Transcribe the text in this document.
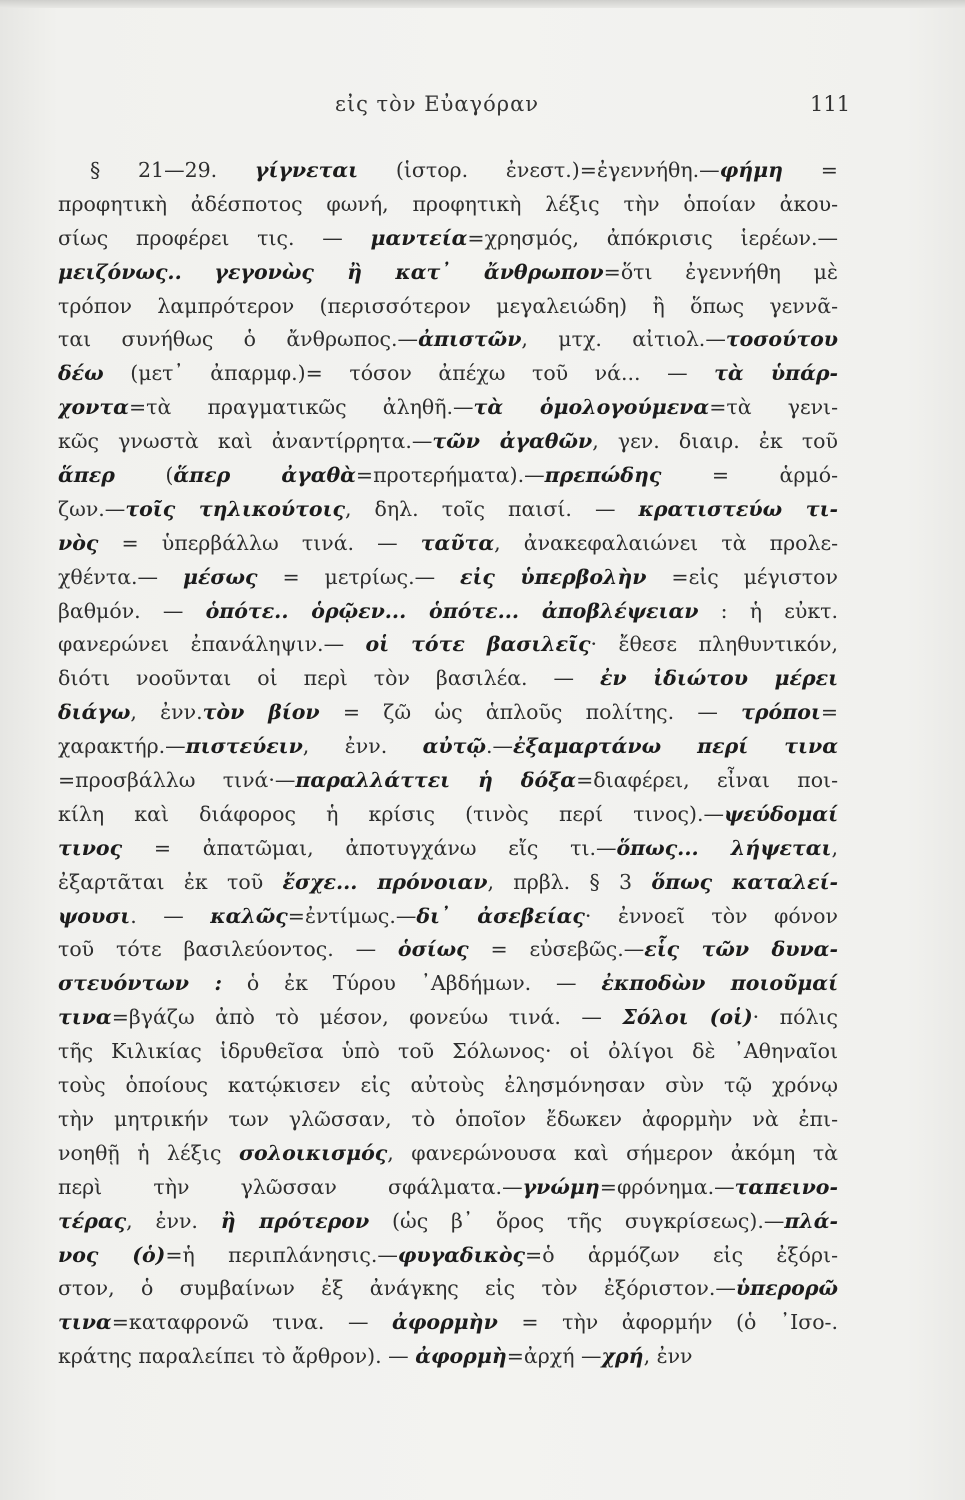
εἰς τὸν Εὐαγόραν	111
§ 21—29. γίγνεται (ἱστορ. ἐνεστ.)=ἐγεννήθη.—φήμη =
προφητικὴ ἀδέσποτος φωνή, προφητικὴ λέξις τὴν ὁποίαν ἀκου-
σίως προφέρει τις. — μαντεία=χρησμός, ἀπόκρισις ἱερέων.—
μειζόνως.. γεγονὼς ἢ κατ᾽ ἄνθρωπον=ὅτι ἐγεννήθη μὲ
τρόπον λαμπρότερον (περισσότερον μεγαλειώδη) ἢ ὅπως γεννᾶ-
ται συνήθως ὁ ἄνθρωπος.—ἀπιστῶν, μτχ. αἰτιολ.—τοσούτου
δέω (μετ᾽ ἀπαρμφ.)= τόσον ἀπέχω τοῦ νά... — τὰ ὑπάρ-
χοντα=τὰ πραγματικῶς ἀληθῆ.—τὰ ὁμολογούμενα=τὰ γενι-
κῶς γνωστὰ καὶ ἀναντίρρητα.—τῶν ἀγαθῶν, γεν. διαιρ. ἐκ τοῦ
ἅπερ (ἅπερ ἀγαθὰ=προτερήματα).—πρεπώδης = ἁρμό-
ζων.—τοῖς τηλικούτοις, δηλ. τοῖς παισί. — κρατιστεύω τι-
νὸς = ὑπερβάλλω τινά. — ταῦτα, ἀνακεφαλαιώνει τὰ προλε-
χθέντα.— μέσως = μετρίως.— εἰς ὑπερβολὴν =εἰς μέγιστον
βαθμόν. — ὁπότε.. ὁρῷεν... ὁπότε... ἀποβλέψειαν : ἡ εὐκτ.
φανερώνει ἐπανάληψιν.— οἱ τότε βασιλεῖς· ἔθεσε πληθυντικόν,
διότι νοοῦνται οἱ περὶ τὸν βασιλέα. — ἐν ἰδιώτου μέρει
διάγω, ἐνν.τὸν βίον = ζῶ ὡς ἁπλοῦς πολίτης. — τρόποι=
χαρακτήρ.—πιστεύειν, ἐνν. αὐτῷ.—ἐξαμαρτάνω περί τινα
=προσβάλλω τινά·—παραλλάττει ἡ δόξα=διαφέρει, εἶναι ποι-
κίλη καὶ διάφορος ἡ κρίσις (τινὸς περί τινος).—ψεύδομαί
τινος = ἀπατῶμαι, ἀποτυγχάνω εἴς τι.—ὅπως... λήψεται,
ἐξαρτᾶται ἐκ τοῦ ἔσχε... πρόνοιαν, πρβλ. § 3 ὅπως καταλεί-
ψουσι. — καλῶς=ἐντίμως.—δι᾽ ἀσεβείας· ἐννοεῖ τὸν φόνον
τοῦ τότε βασιλεύοντος. — ὁσίως = εὐσεβῶς.—εἷς τῶν δυνα-
στευόντων : ὁ ἐκ Τύρου ᾿Αβδήμων. — ἐκποδὼν ποιοῦμαί
τινα=βγάζω ἀπὸ τὸ μέσον, φονεύω τινά. — Σόλοι (οἱ)· πόλις
τῆς Κιλικίας ἱδρυθεῖσα ὑπὸ τοῦ Σόλωνος· οἱ ὀλίγοι δὲ ᾿Αθηναῖοι
τοὺς ὁποίους κατῴκισεν εἰς αὐτοὺς ἐλησμόνησαν σὺν τῷ χρόνῳ
τὴν μητρικήν των γλῶσσαν, τὸ ὁποῖον ἔδωκεν ἀφορμὴν νὰ ἐπι-
νοηθῇ ἡ λέξις σολοικισμός, φανερώνουσα καὶ σήμερον ἀκόμη τὰ
περὶ τὴν γλῶσσαν σφάλματα.—γνώμη=φρόνημα.—ταπεινο-
τέρας, ἐνν. ἢ πρότερον (ὡς β᾽ ὅρος τῆς συγκρίσεως).—πλά-
νος (ὁ)=ἡ περιπλάνησις.—φυγαδικὸς=ὁ ἁρμόζων εἰς ἐξόρι-
στον, ὁ συμβαίνων ἐξ ἀνάγκης εἰς τὸν ἐξόριστον.—ὑπερορῶ
τινα=καταφρονῶ τινα. — ἀφορμὴν = τὴν ἀφορμήν (ὁ ᾿Ισο-.
κράτης παραλείπει τὸ ἄρθρον). — ἀφορμὴ=ἀρχή —χρή, ἐνν
